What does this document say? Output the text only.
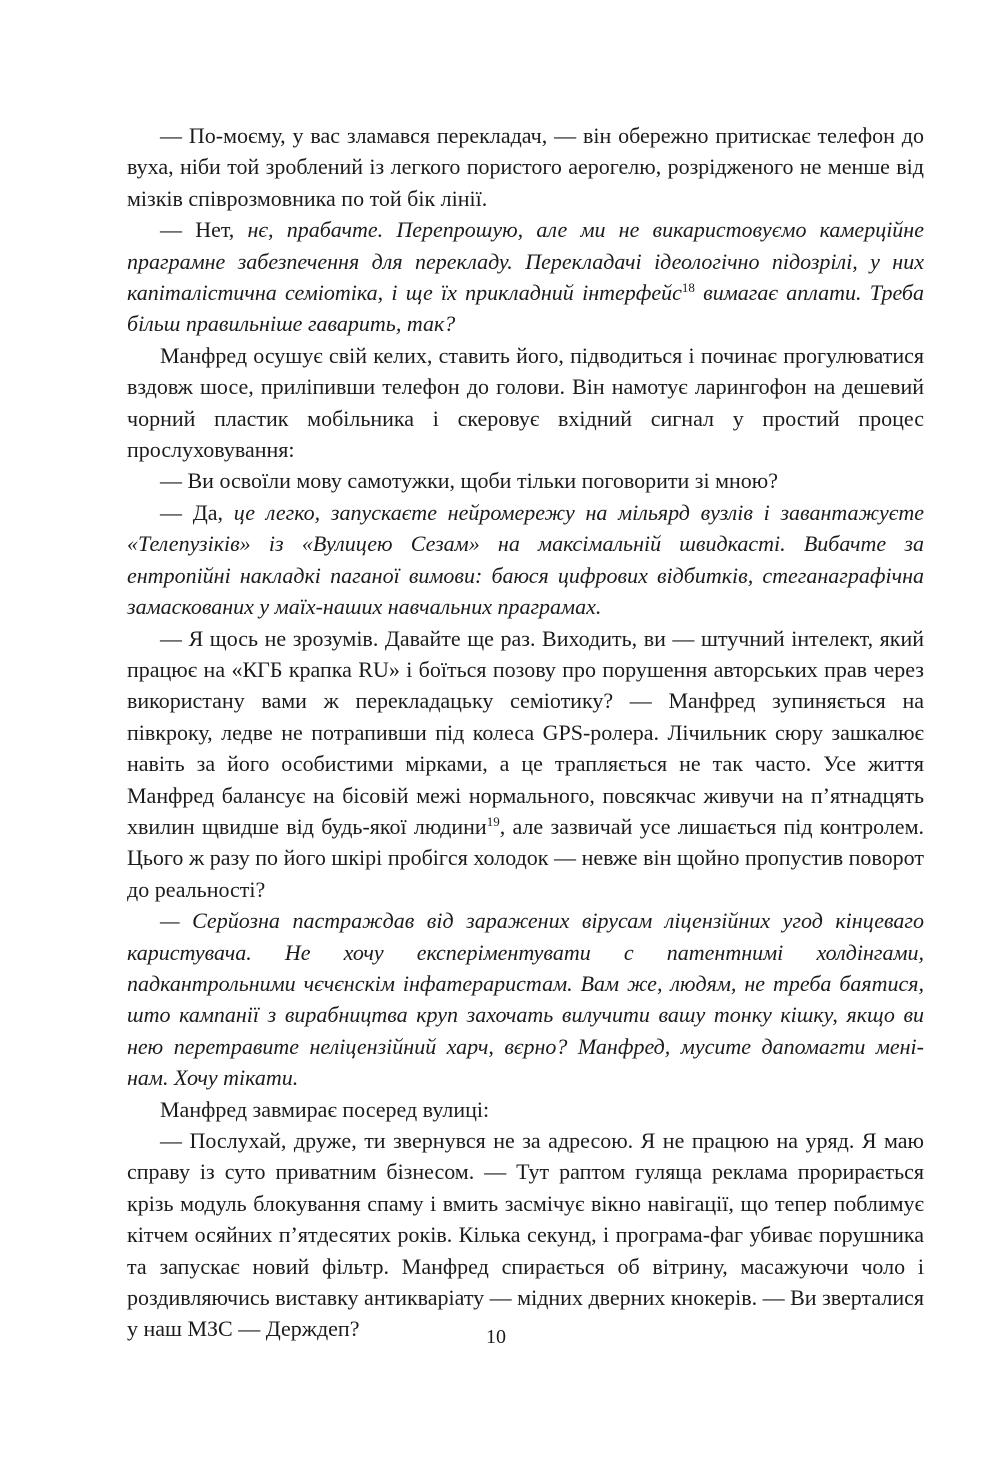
— По-моєму, у вас зламався перекладач, — він обережно притискає телефон до вуха, ніби той зроблений із легкого пористого аерогелю, розрідженого не менше від мізків співрозмовника по той бік лінії.

— Нет, нє, прабачте. Перепрошую, але ми не викаристовуємо камерційне праграмне забезпечення для перекладу. Перекладачі ідеологічно підозрілі, у них капіталістична семіотіка, і ще їх прикладний інтерфейс$^{18}$ вимагає аплати. Треба більш правильніше гаварить, так?

Манфред осушує свій келих, ставить його, підводиться і починає прогулюватися вздовж шосе, приліпивши телефон до голови. Він намотує ларингофон на дешевий чорний пластик мобільника і скеровує вхідний сигнал у простий процес прослуховування:

— Ви освоїли мову самотужки, щоби тільки поговорити зі мною?

— Да, це легко, запускаєте нейромережу на мільярд вузлів і завантажуєте «Телепузіків» із «Вулицею Сезам» на максімальній швидкасті. Вибачте за ентропійні накладкі паганої вимови: баюся цифрових відбитків, стеганаграфічна замаскованих у маїх-наших навчальних праграмах.

— Я щось не зрозумів. Давайте ще раз. Виходить, ви — штучний інтелект, який працює на «КГБ крапка RU» і боїться позову про порушення авторських прав через використану вами ж перекладацьку семіотику? — Манфред зупиняється на півкроку, ледве не потрапивши під колеса GPS-ролера. Лічильник сюру зашкалює навіть за його особистими мірками, а це трапляється не так часто. Усе життя Манфред балансує на бісовій межі нормального, повсякчас живучи на п’ятнадцять хвилин щвидше від будь-якої людини$^{19}$, але зазвичай усе лишається під контролем. Цього ж разу по його шкірі пробігся холодок — невже він щойно пропустив поворот до реальності?

— Серйозна пастраждав від заражених вірусам ліцензійних угод кінцеваго каристувача. Не хочу експеріментувати с патентнимі холдінгами, падкантрольними чєчєнскім інфатерaристам. Вам же, людям, не треба баятися, што кампанії з вирабництва круп захочать вилучити вашу тонку кішку, якщо ви нею перетравите неліцензійний харч, вєрно? Манфред, мусите дапомагти мені-нам. Хочу тікати.

Манфред завмирає посеред вулиці:

— Послухай, друже, ти звернувся не за адресою. Я не працюю на уряд. Я маю справу із суто приватним бізнесом. — Тут раптом гуляща реклама прорирається крізь модуль блокування спаму і вмить засмічує вікно навігації, що тепер поблимує кітчем осяйних п’ятдесятих років. Кілька секунд, і програма-фаг убиває порушника та запускає новий фільтр. Манфред спирається об вітрину, масажуючи чоло і роздивляючись виставку антикваріату — мідних дверних кнокерів. — Ви зверталися у наш МЗС — Держдеп?	10
